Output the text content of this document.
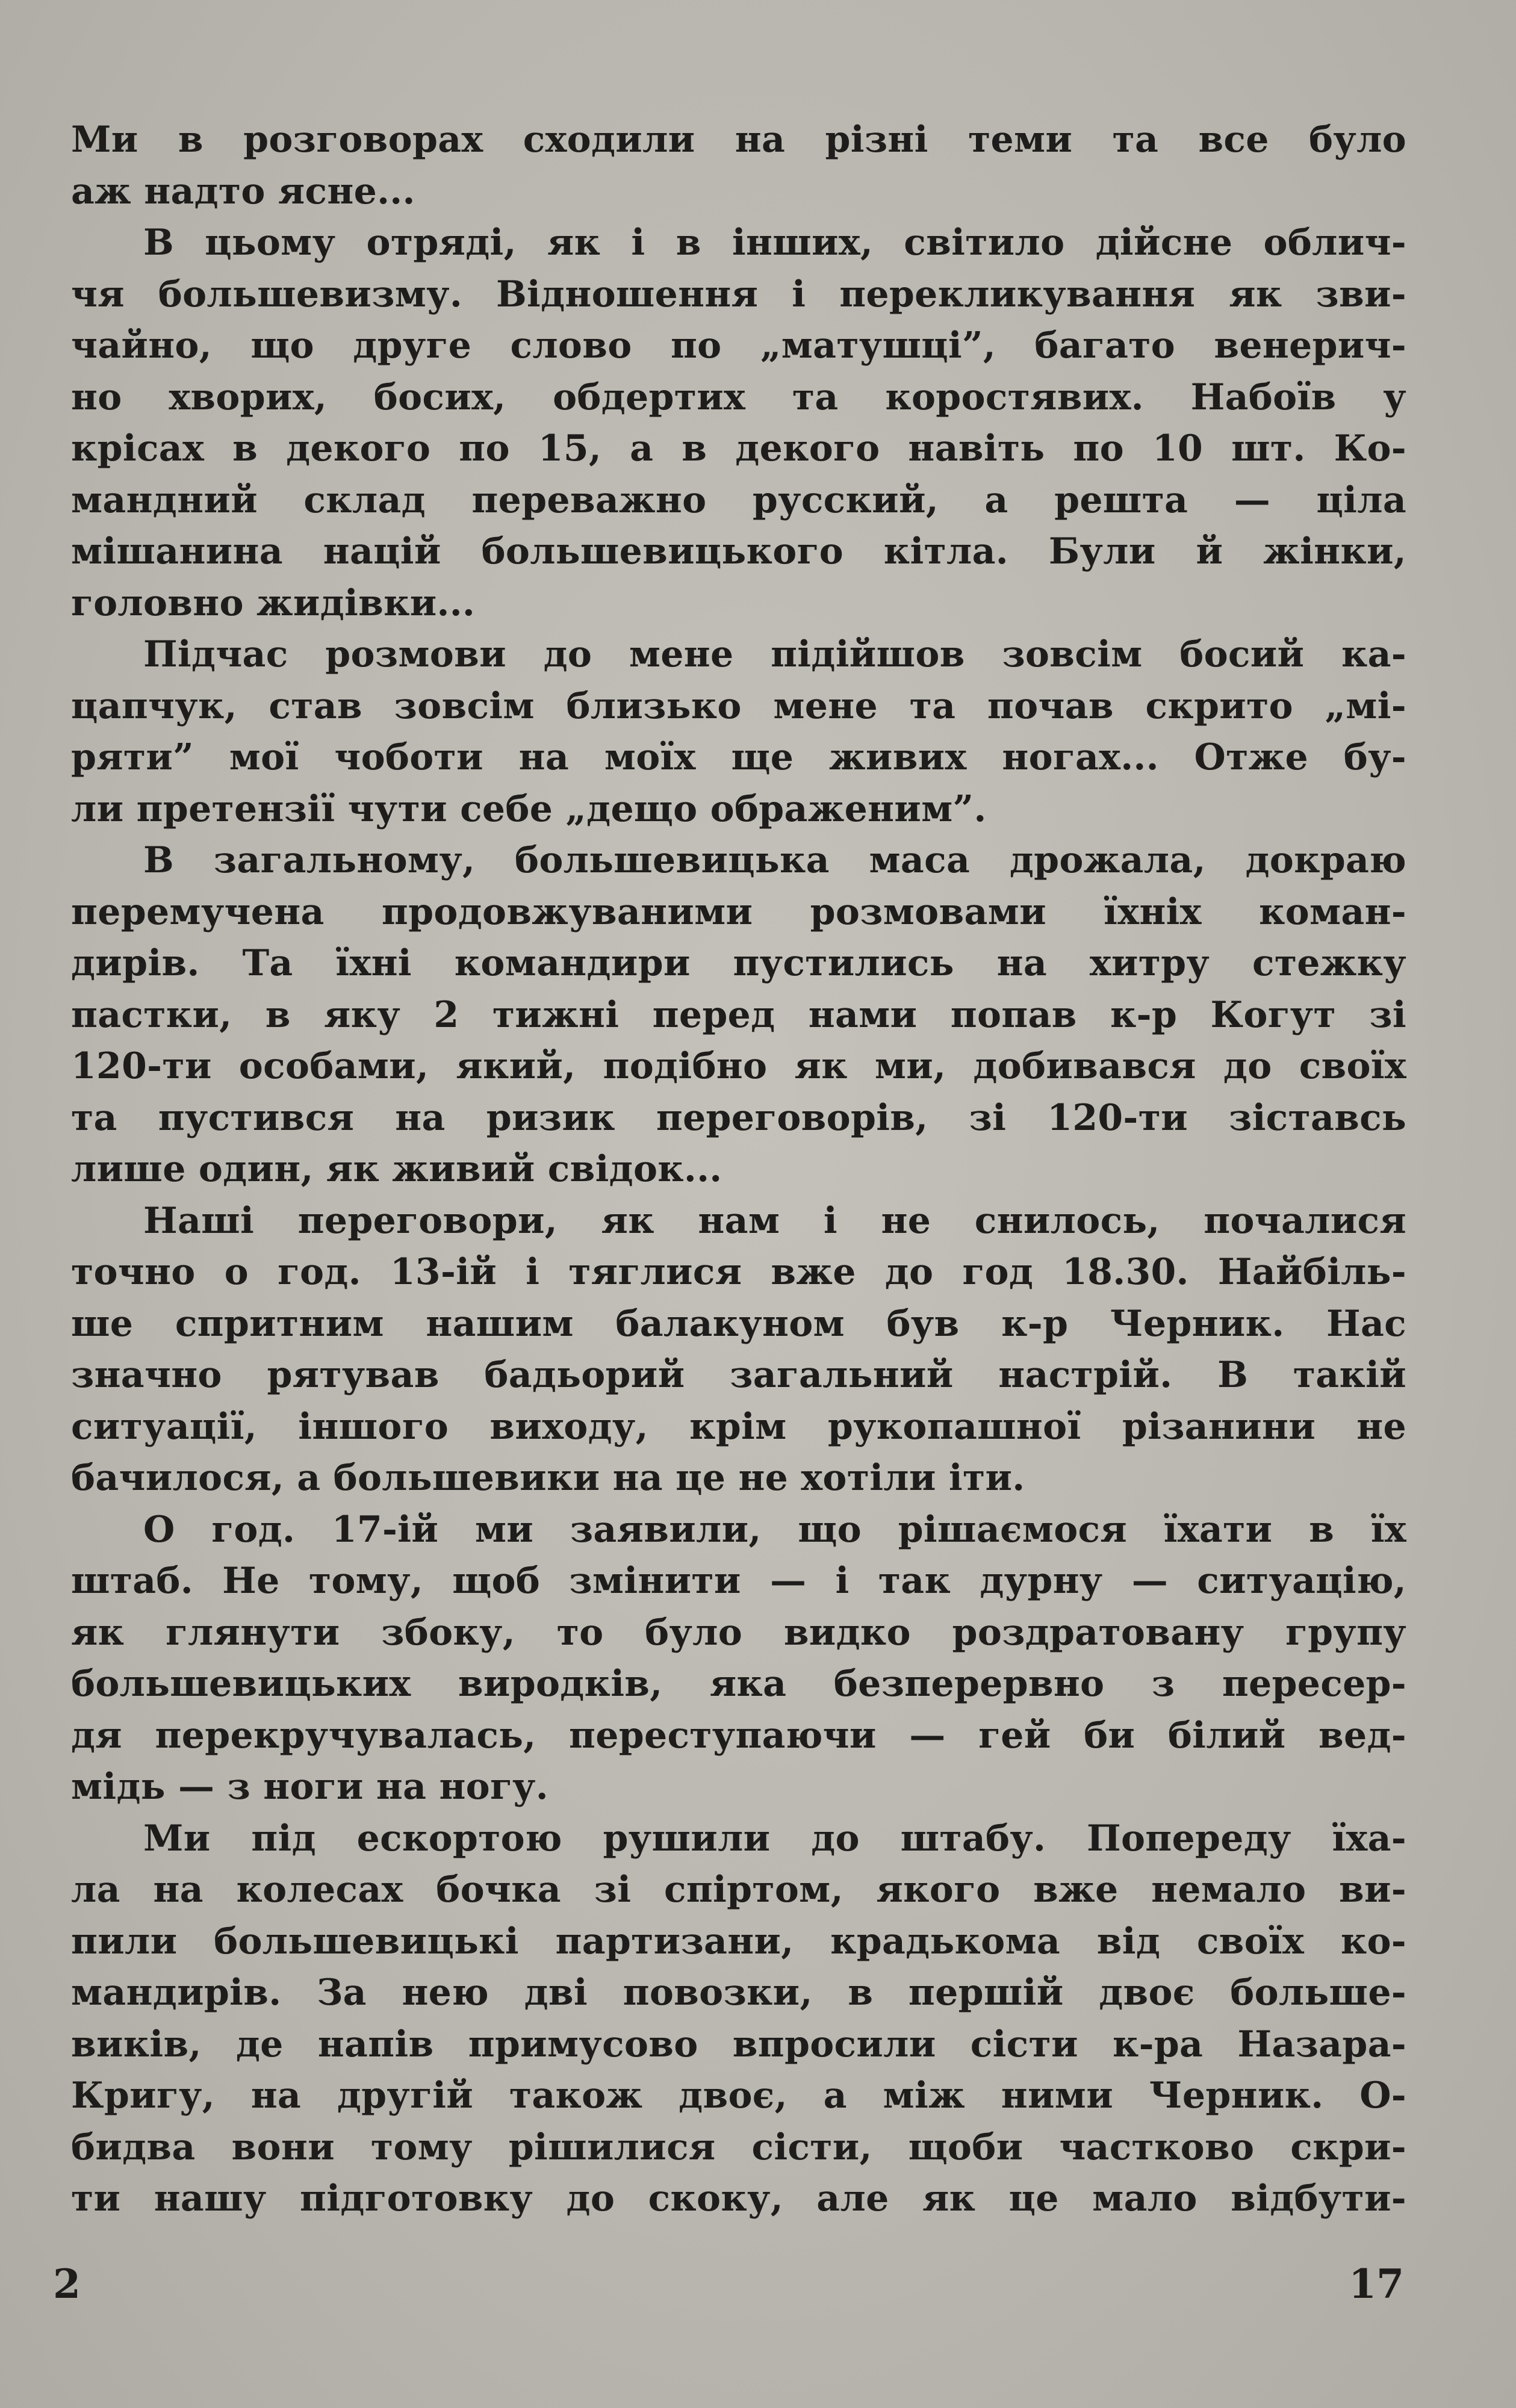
Ми в розговорах сходили на різні теми та все було
аж надто ясне...
В цьому отряді, як і в інших, світило дійсне облич-
чя большевизму. Відношення і перекликування як зви-
чайно, що друге слово по „матушці”, багато венерич-
но хворих, босих, обдертих та коростявих. Набоїв у
крісах в декого по 15, а в декого навіть по 10 шт. Ко-
мандний склад переважно русский, а решта — ціла
мішанина націй большевицького кітла. Були й жінки,
головно жидівки...
Підчас розмови до мене підійшов зовсім босий ка-
цапчук, став зовсім близько мене та почав скрито „мі-
ряти” мої чоботи на моїх ще живих ногах... Отже бу-
ли претензії чути себе „дещо ображеним”.
В загальному, большевицька маса дрожала, докраю
перемучена продовжуваними розмовами їхніх коман-
дирів. Та їхні командири пустились на хитру стежку
пастки, в яку 2 тижні перед нами попав к-р Когут зі
120-ти особами, який, подібно як ми, добивався до своїх
та пустився на ризик переговорів, зі 120-ти зіставсь
лише один, як живий свідок...
Наші переговори, як нам і не снилось, почалися
точно о год. 13-ій і тяглися вже до год 18.30. Найбіль-
ше спритним нашим балакуном був к-р Черник. Нас
значно рятував бадьорий загальний настрій. В такій
ситуації, іншого виходу, крім рукопашної різанини не
бачилося, а большевики на це не хотіли іти.
О год. 17-ій ми заявили, що рішаємося їхати в їх
штаб. Не тому, щоб змінити — і так дурну — ситуацію,
як глянути збоку, то було видко роздратовану групу
большевицьких виродків, яка безперервно з пересер-
дя перекручувалась, переступаючи — гей би білий вед-
мідь — з ноги на ногу.
Ми під ескортою рушили до штабу. Попереду їха-
ла на колесах бочка зі спіртом, якого вже немало ви-
пили большевицькі партизани, крадькома від своїх ко-
мандирів. За нею дві повозки, в першій двоє большe-
виків, де напів примусово впросили сісти к-ра Назара-
Кригу, на другій також двоє, а між ними Черник. О-
бидва вони тому рішилися сісти, щоби частково скри-
ти нашу підготовку до скоку, але як це мало відбути-
2	17
